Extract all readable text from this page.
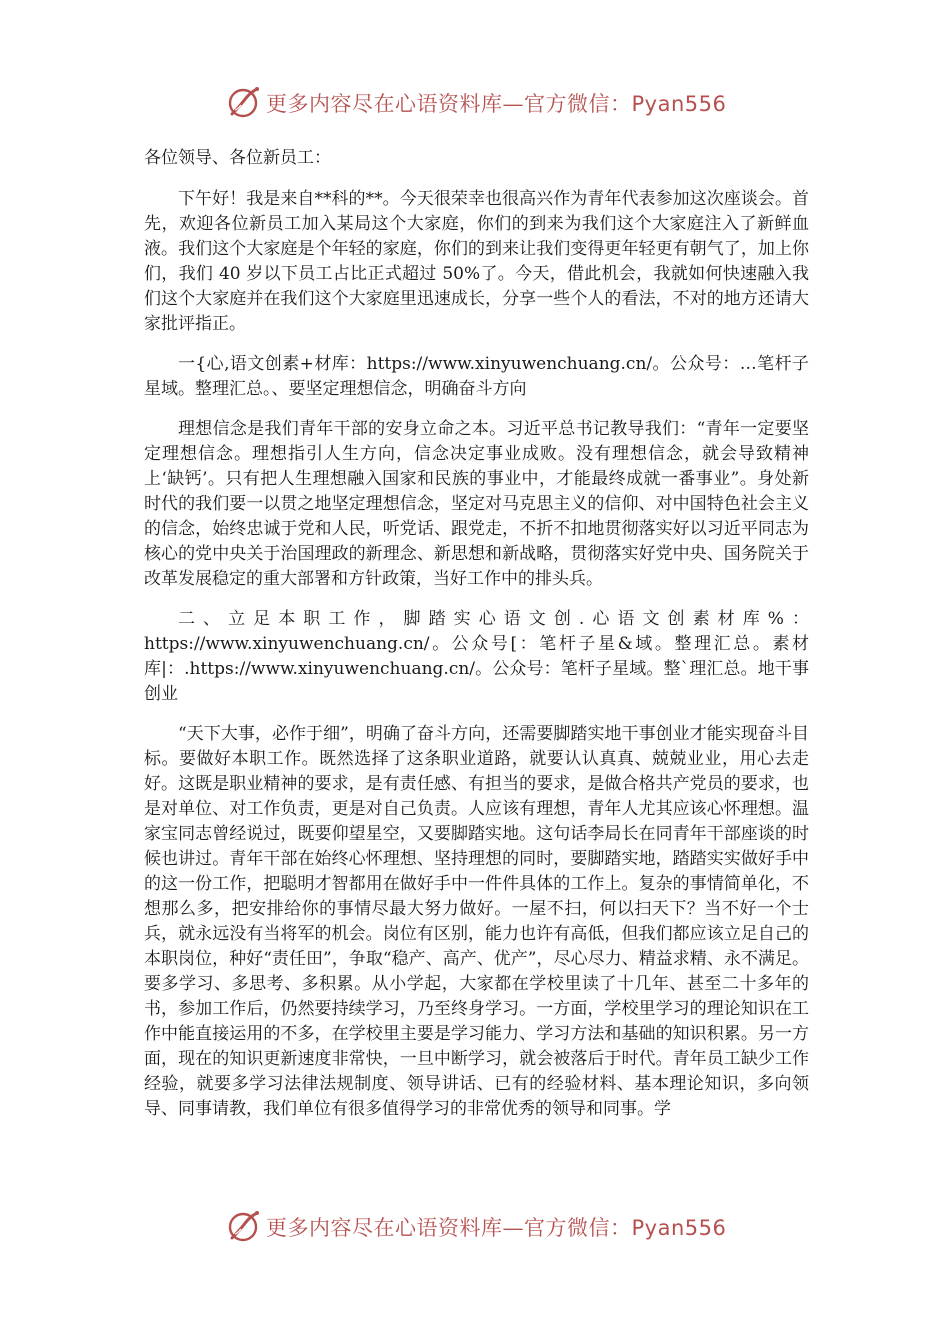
更多内容尽在心语资料库—官方微信：Pyan556

各位领导、各位新员工：

下午好！我是来自**科的**。今天很荣幸也很高兴作为青年代表参加这次座谈会。首先，欢迎各位新员工加入某局这个大家庭，你们的到来为我们这个大家庭注入了新鲜血液。我们这个大家庭是个年轻的家庭，你们的到来让我们变得更年轻更有朝气了，加上你们，我们 40 岁以下员工占比正式超过 50%了。今天，借此机会，我就如何快速融入我们这个大家庭并在我们这个大家庭里迅速成长，分享一些个人的看法，不对的地方还请大家批评指正。

一{心,语文创素+材库：https://www.xinyuwenchuang.cn/。公众号：…笔杆子星域。整理汇总。、要坚定理想信念，明确奋斗方向

理想信念是我们青年干部的安身立命之本。习近平总书记教导我们：“青年一定要坚定理想信念。理想指引人生方向，信念决定事业成败。没有理想信念，就会导致精神上‘缺钙’。只有把人生理想融入国家和民族的事业中，才能最终成就一番事业”。身处新时代的我们要一以贯之地坚定理想信念，坚定对马克思主义的信仰、对中国特色社会主义的信念，始终忠诚于党和人民，听党话、跟党走，不折不扣地贯彻落实好以习近平同志为核心的党中央关于治国理政的新理念、新思想和新战略，贯彻落实好党中央、国务院关于改革发展稳定的重大部署和方针政策，当好工作中的排头兵。

二、立足本职工作，脚踏实心语文创.心语文创素材库%：https://www.xinyuwenchuang.cn/。公众号[：笔杆子星&域。整理汇总。素材库|：.https://www.xinyuwenchuang.cn/。公众号：笔杆子星域。整`理汇总。地干事创业

“天下大事，必作于细”，明确了奋斗方向，还需要脚踏实地干事创业才能实现奋斗目标。要做好本职工作。既然选择了这条职业道路，就要认认真真、兢兢业业，用心去走好。这既是职业精神的要求，是有责任感、有担当的要求，是做合格共产党员的要求，也是对单位、对工作负责，更是对自己负责。人应该有理想，青年人尤其应该心怀理想。温家宝同志曾经说过，既要仰望星空，又要脚踏实地。这句话李局长在同青年干部座谈的时候也讲过。青年干部在始终心怀理想、坚持理想的同时，要脚踏实地，踏踏实实做好手中的这一份工作，把聪明才智都用在做好手中一件件具体的工作上。复杂的事情简单化，不想那么多，把安排给你的事情尽最大努力做好。一屋不扫，何以扫天下？当不好一个士兵，就永远没有当将军的机会。岗位有区别，能力也许有高低，但我们都应该立足自己的本职岗位，种好“责任田”，争取“稳产、高产、优产”，尽心尽力、精益求精、永不满足。要多学习、多思考、多积累。从小学起，大家都在学校里读了十几年、甚至二十多年的书，参加工作后，仍然要持续学习，乃至终身学习。一方面，学校里学习的理论知识在工作中能直接运用的不多，在学校里主要是学习能力、学习方法和基础的知识积累。另一方面，现在的知识更新速度非常快，一旦中断学习，就会被落后于时代。青年员工缺少工作经验，就要多学习法律法规制度、领导讲话、已有的经验材料、基本理论知识，多向领导、同事请教，我们单位有很多值得学习的非常优秀的领导和同事。学

更多内容尽在心语资料库—官方微信：Pyan556
